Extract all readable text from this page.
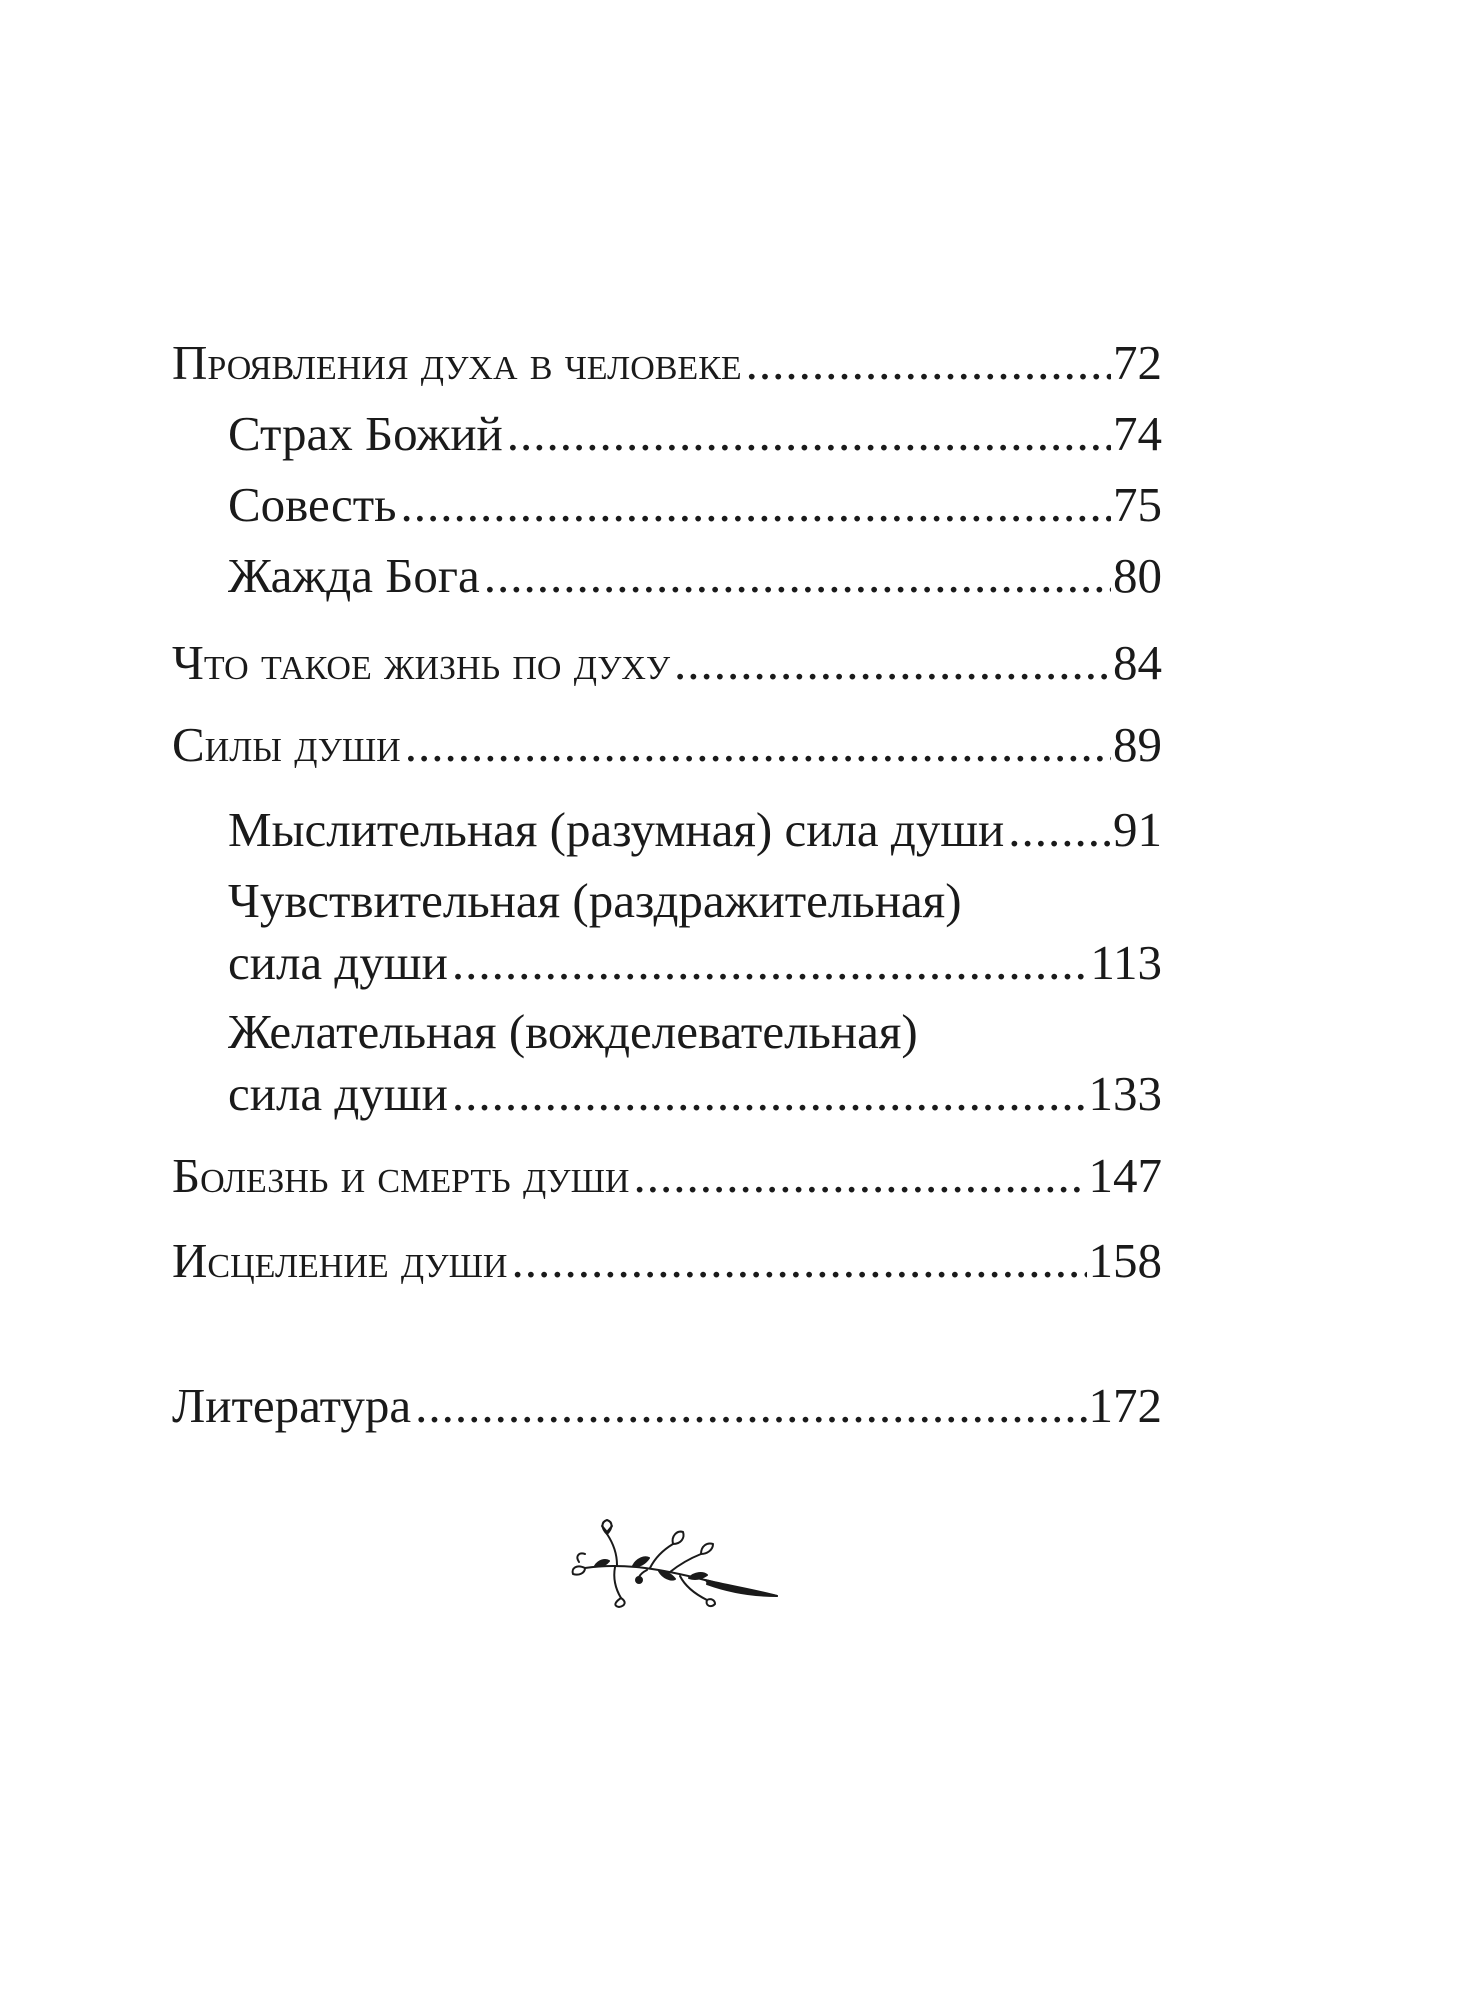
Проявления духа в человеке .....	72
Страх Божий .....	74
Совесть .....	75
Жажда Бога .....	80
Что такое жизнь по духу .....	84
Силы души .....	89
Мыслительная (разумная) сила души ..... 91
Чувствительная (раздражительная)
сила души .....	113
Желательная (вожделевательная)
сила души .....	133
Болезнь и смерть души .....	147
Исцеление души .....	158
Литература .....	172
